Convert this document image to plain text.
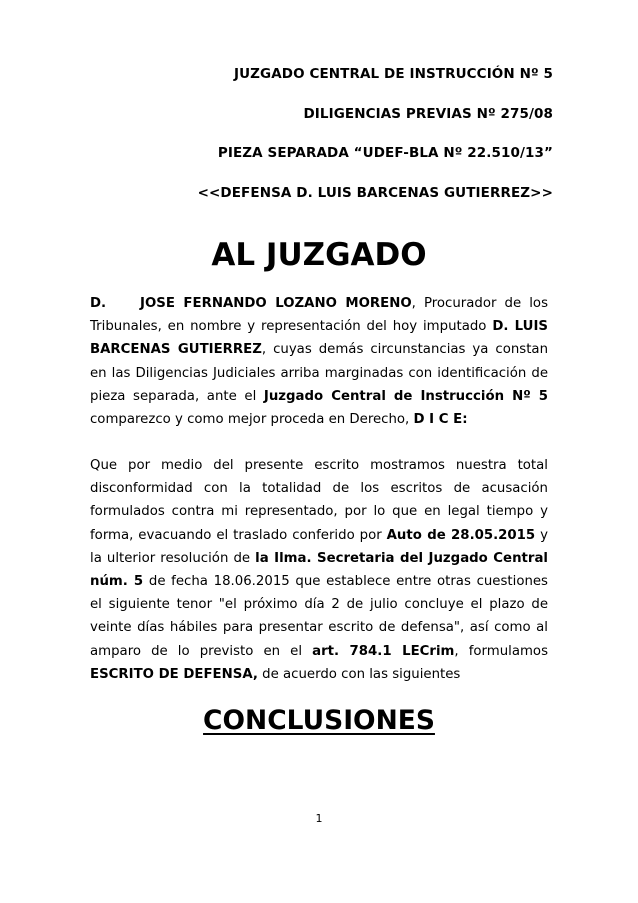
JUZGADO CENTRAL DE INSTRUCCIÓN Nº 5
DILIGENCIAS PREVIAS Nº 275/08
PIEZA SEPARADA “UDEF-BLA Nº 22.510/13”
<<DEFENSA D. LUIS BARCENAS GUTIERREZ>>
AL JUZGADO
D.    JOSE FERNANDO LOZANO MORENO, Procurador de los Tribunales, en nombre y representación del hoy imputado D. LUIS BARCENAS GUTIERREZ, cuyas demás circunstancias ya constan en las Diligencias Judiciales arriba marginadas con identificación de pieza separada, ante el Juzgado Central de Instrucción Nº 5 comparezco y como mejor proceda en Derecho, D I C E:
Que por medio del presente escrito mostramos nuestra total disconformidad con la totalidad de los escritos de acusación formulados contra mi representado, por lo que en legal tiempo y forma, evacuando el traslado conferido por Auto de 28.05.2015 y la ulterior resolución de la Ilma. Secretaria del Juzgado Central núm. 5 de fecha 18.06.2015 que establece entre otras cuestiones el siguiente tenor "el próximo día 2 de julio concluye el plazo de veinte días hábiles para presentar escrito de defensa", así como al amparo de lo previsto en el art. 784.1 LECrim, formulamos ESCRITO DE DEFENSA, de acuerdo con las siguientes
CONCLUSIONES
1
